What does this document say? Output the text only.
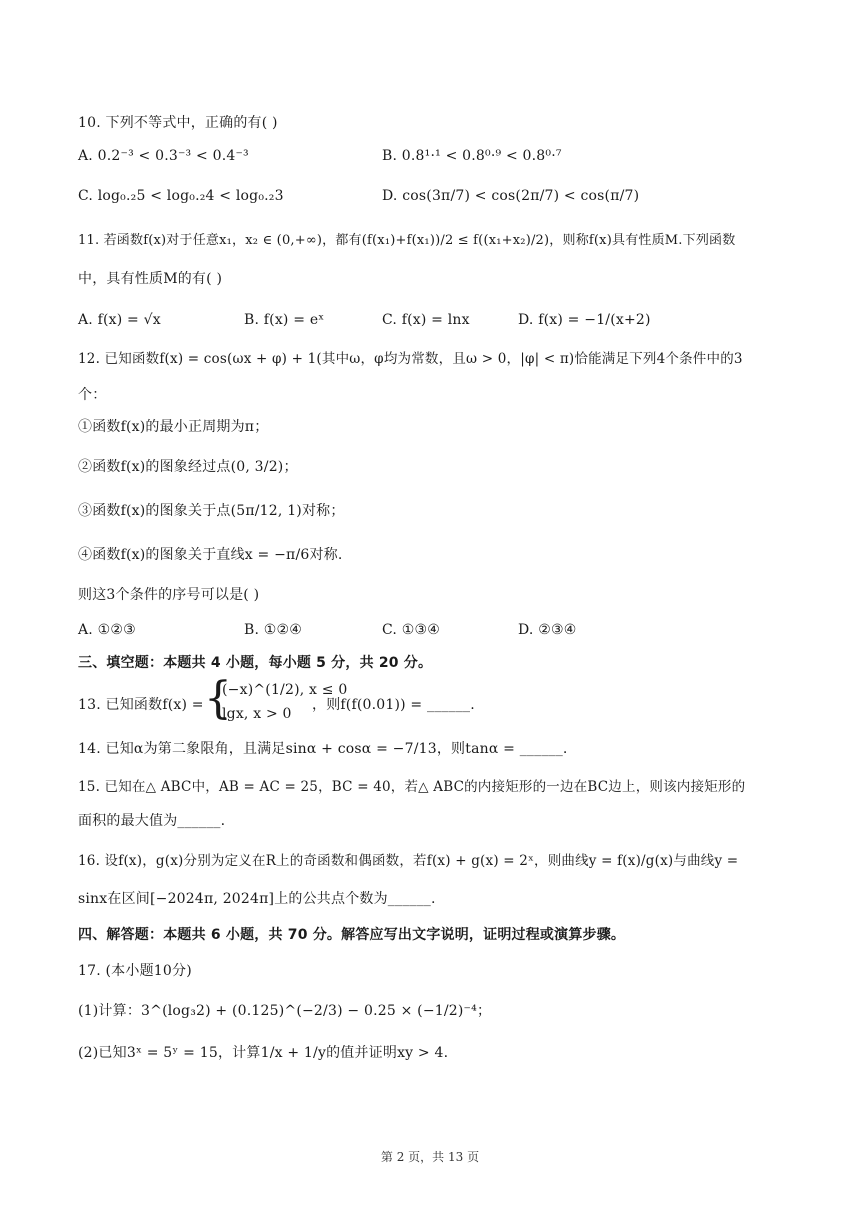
10. 下列不等式中，正确的有( )
A. 0.2⁻³ < 0.3⁻³ < 0.4⁻³	B. 0.8¹·¹ < 0.8⁰·⁹ < 0.8⁰·⁷
C. log₀.₂5 < log₀.₂4 < log₀.₂3	D. cos(3π/7) < cos(2π/7) < cos(π/7)
11. 若函数f(x)对于任意x₁，x₂ ∈ (0,+∞)，都有(f(x₁)+f(x₁))/2 ≤ f((x₁+x₂)/2)，则称f(x)具有性质M.下列函数
中，具有性质M的有( )
A. f(x) = √x	B. f(x) = eˣ	C. f(x) = lnx	D. f(x) = −1/(x+2)
12. 已知函数f(x) = cos(ωx + φ) + 1(其中ω，φ均为常数，且ω > 0，|φ| < π)恰能满足下列4个条件中的3
个：
①函数f(x)的最小正周期为π；
②函数f(x)的图象经过点(0, 3/2)；
③函数f(x)的图象关于点(5π/12, 1)对称；
④函数f(x)的图象关于直线x = −π/6对称.
则这3个条件的序号可以是( )
A. ①②③	B. ①②④	C. ①③④	D. ②③④
三、填空题：本题共 4 小题，每小题 5 分，共 20 分。
13. 已知函数f(x) = {
(−x)^(1/2), x ≤ 0
lgx, x > 0
，则f(f(0.01)) = ______.
14. 已知α为第二象限角，且满足sinα + cosα = −7/13，则tanα = ______.
15. 已知在△ ABC中，AB = AC = 25，BC = 40，若△ ABC的内接矩形的一边在BC边上，则该内接矩形的
面积的最大值为______.
16. 设f(x)，g(x)分别为定义在R上的奇函数和偶函数，若f(x) + g(x) = 2ˣ，则曲线y = f(x)/g(x)与曲线y =
sinx在区间[−2024π, 2024π]上的公共点个数为______.
四、解答题：本题共 6 小题，共 70 分。解答应写出文字说明，证明过程或演算步骤。
17. (本小题10分)
(1)计算：3^(log₃2) + (0.125)^(−2/3) − 0.25 × (−1/2)⁻⁴；
(2)已知3ˣ = 5ʸ = 15，计算1/x + 1/y的值并证明xy > 4.
第 2 页，共 13 页
